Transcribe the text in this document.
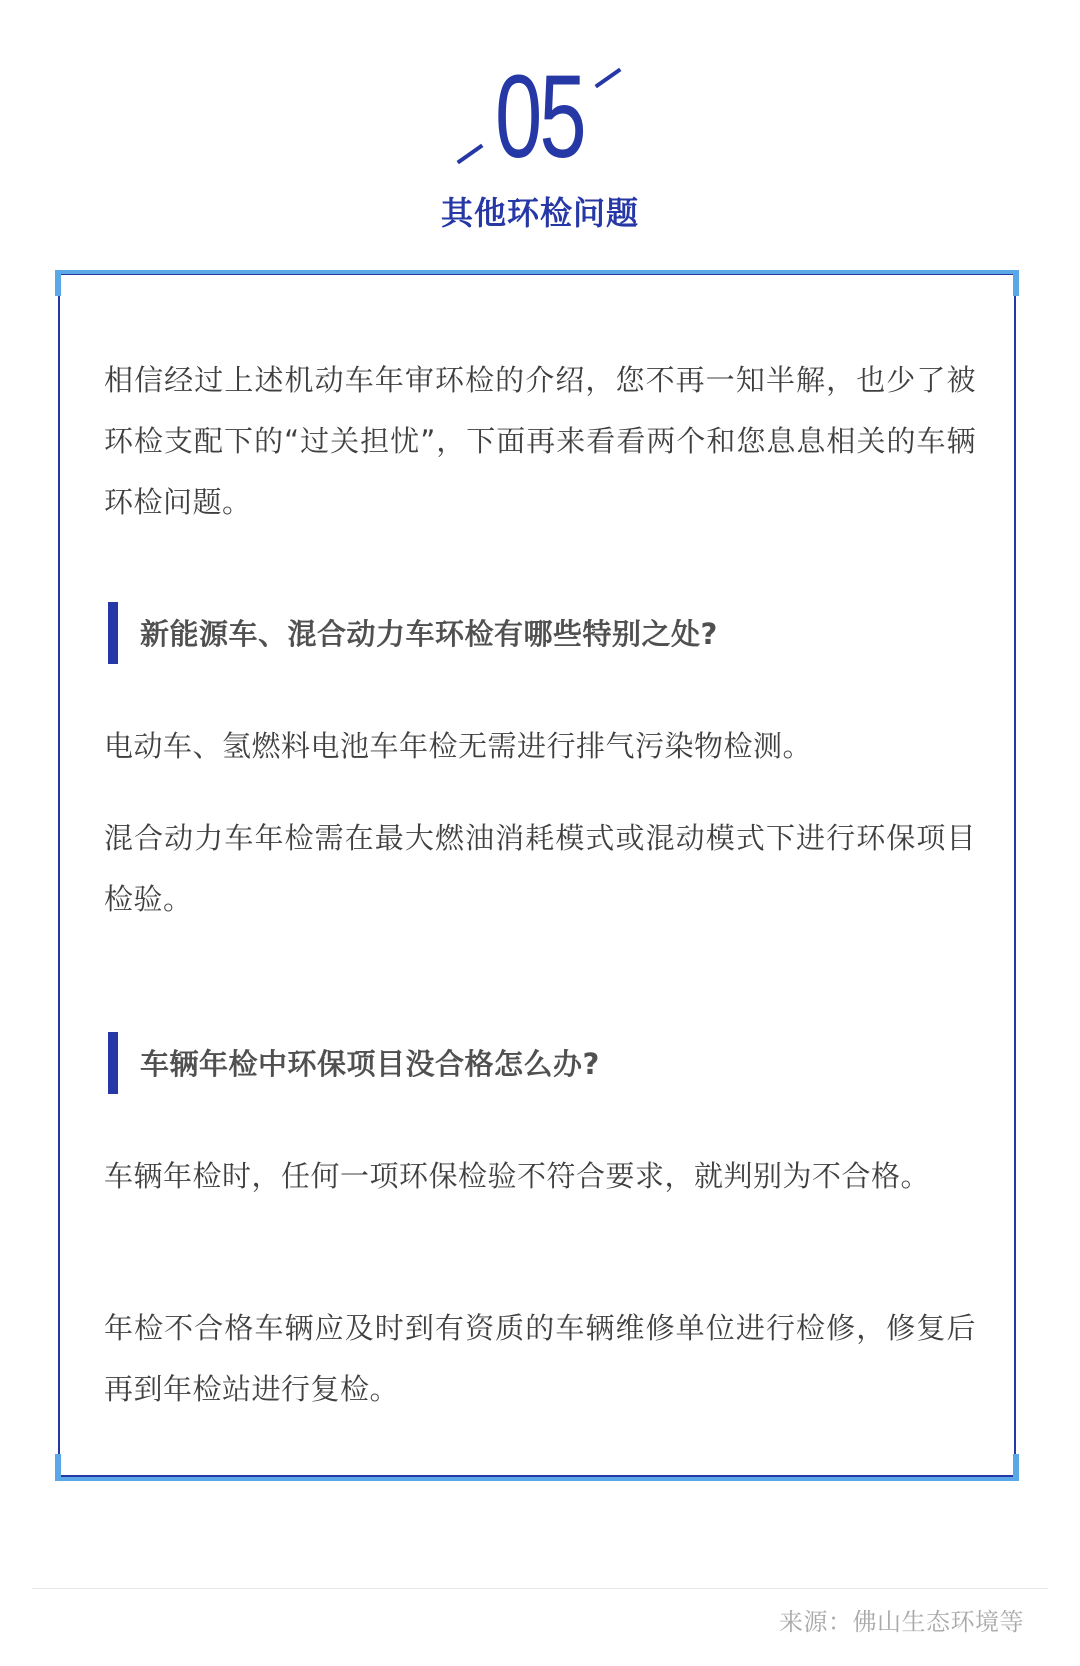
05
其他环检问题

相信经过上述机动车年审环检的介绍，您不再一知半解，也少了被环检支配下的“过关担忧”，下面再来看看两个和您息息相关的车辆环检问题。

新能源车、混合动力车环检有哪些特别之处?

电动车、氢燃料电池车年检无需进行排气污染物检测。

混合动力车年检需在最大燃油消耗模式或混动模式下进行环保项目检验。

车辆年检中环保项目没合格怎么办?

车辆年检时，任何一项环保检验不符合要求，就判别为不合格。

年检不合格车辆应及时到有资质的车辆维修单位进行检修，修复后再到年检站进行复检。

来源：佛山生态环境等
